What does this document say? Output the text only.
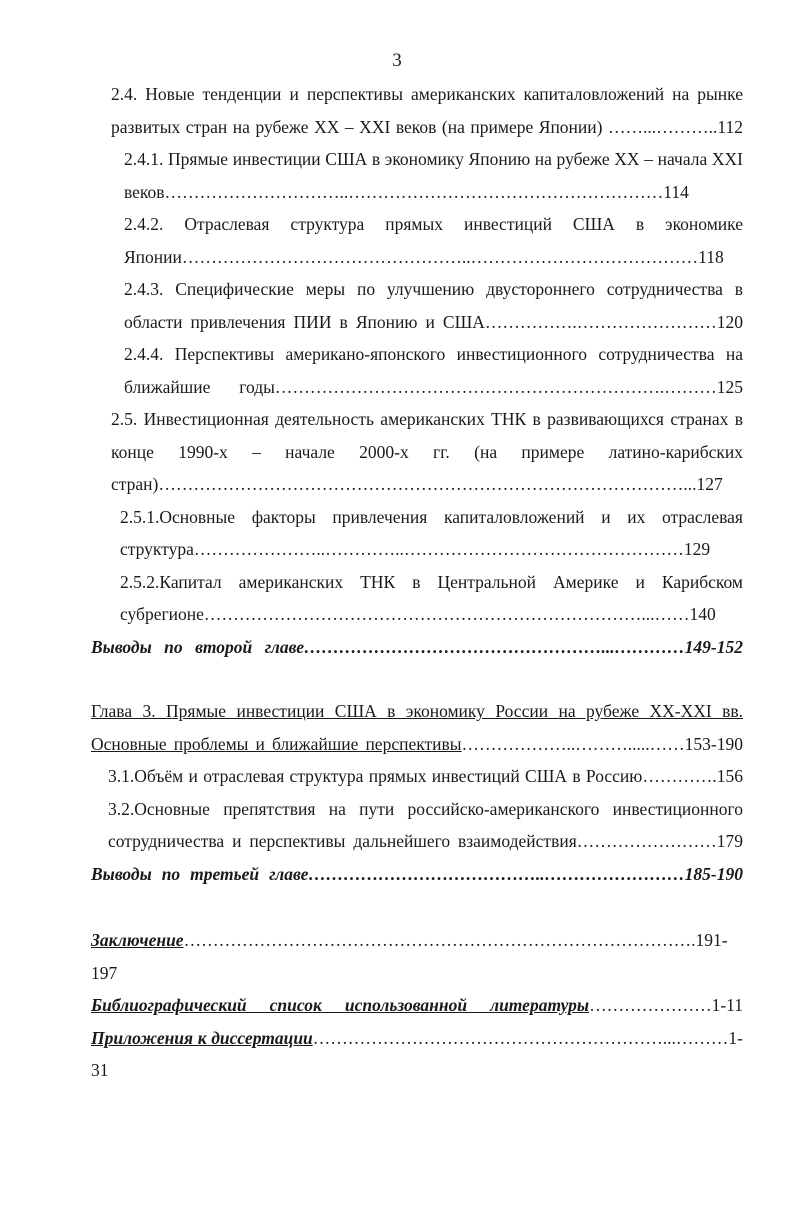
3
2.4. Новые тенденции и перспективы американских капиталовложений на рынке развитых стран на рубеже XX – XXI веков (на примере Японии) ……...………..112
2.4.1. Прямые инвестиции США в экономику Японию на рубеже XX – начала XXI веков…………………………..………………………………………………114
2.4.2. Отраслевая структура прямых инвестиций США в экономике Японии…………………………………………..…………………………………118
2.4.3. Специфические меры по улучшению двустороннего сотрудничества в области привлечения ПИИ в Японию и США…………….……………………120
2.4.4. Перспективы американо-японского инвестиционного сотрудничества на ближайшие годы………………………………………………………….………125
2.5. Инвестиционная деятельность американских ТНК в развивающихся странах в конце 1990-х – начале 2000-х гг. (на примере латино-карибских стран)………………………………………………………………………………...127
2.5.1.Основные факторы привлечения капиталовложений и их отраслевая структура…………………..…………..…………………………………………129
2.5.2.Капитал американских ТНК в Центральной Америке и Карибском субрегионе…………………………………………………………………...……140
Выводы по второй главе……………………………………………...…………149-152
Глава 3. Прямые инвестиции США в экономику России на рубеже XX-XXI вв. Основные проблемы и ближайшие перспективы………………..……….....……153-190
3.1.Объём и отраслевая структура прямых инвестиций США в Россию………….156
3.2.Основные препятствия на пути российско-американского инвестиционного сотрудничества и перспективы дальнейшего взаимодействия……………………179
Выводы по третьей главе…………………………………..……………………185-190
Заключение…………………………………………………………………………….191-197
Библиографический список использованной литературы…………………1-11
Приложения к диссертации……………………………………………………...………1-31
